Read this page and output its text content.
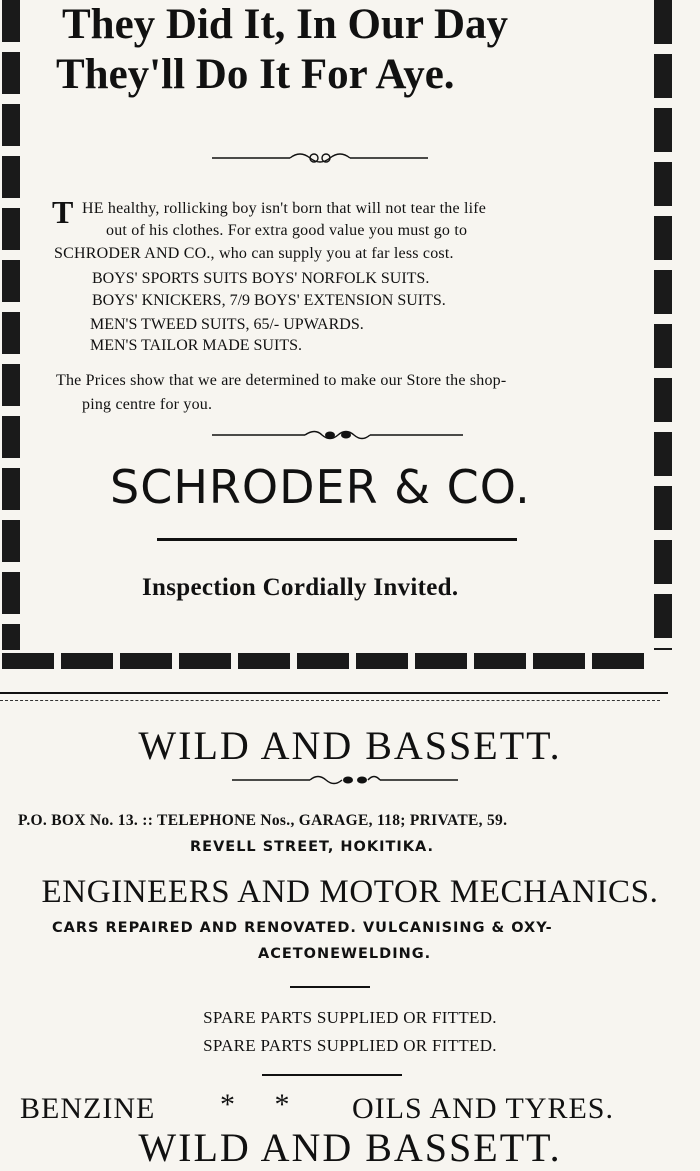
They Did It, In Our Day
They'll Do It For Aye.
T HE healthy, rollicking boy isn't born that will not tear the life
out of his clothes. For extra good value you must go to
SCHRODER AND CO., who can supply you at far less cost.
BOYS' SPORTS SUITS BOYS' NORFOLK SUITS.
BOYS' KNICKERS, 7/9 BOYS' EXTENSION SUITS.
MEN'S TWEED SUITS, 65/- UPWARDS.
MEN'S TAILOR MADE SUITS.
The Prices show that we are determined to make our Store the shop-
ping centre for you.
SCHRODER & CO.
Inspection Cordially Invited.
WILD AND BASSETT.
P.O. BOX No. 13. :: TELEPHONE Nos., GARAGE, 118; PRIVATE, 59.
REVELL STREET, HOKITIKA.
ENGINEERS AND MOTOR MECHANICS.
CARS REPAIRED AND RENOVATED. VULCANISING & OXY-
ACETONEWELDING.
SPARE PARTS SUPPLIED OR FITTED.
SPARE PARTS SUPPLIED OR FITTED.
BENZINE * * OILS AND TYRES.
WILD AND BASSETT.
